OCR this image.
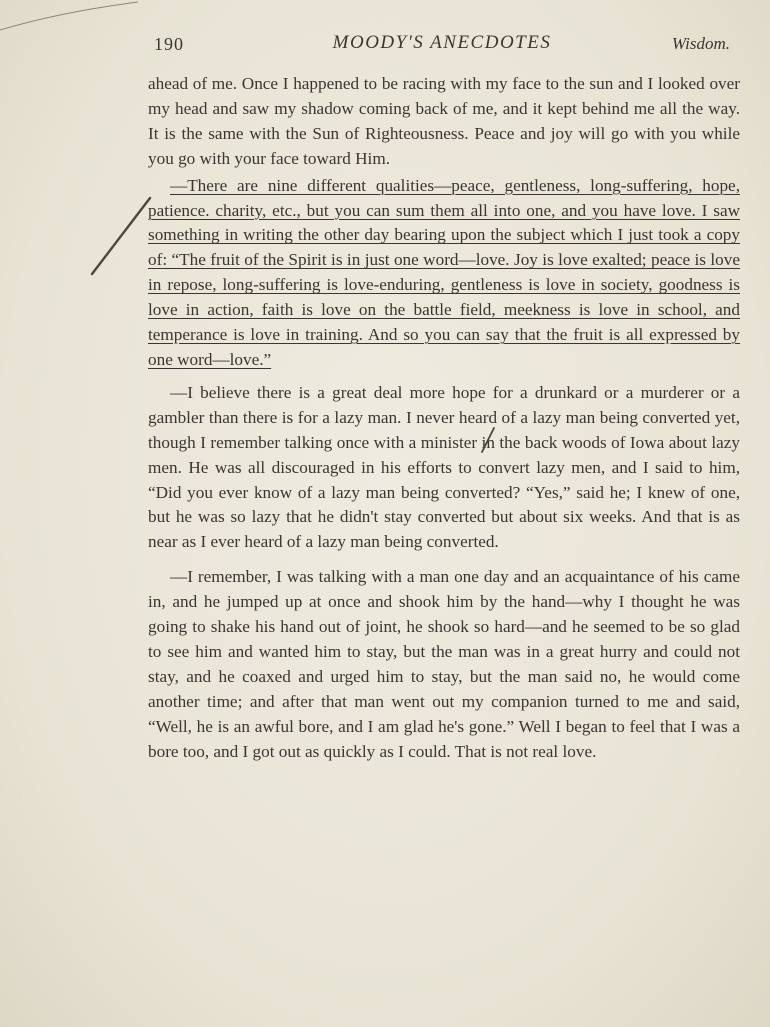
190	MOODY'S ANECDOTES	Wisdom.

ahead of me. Once I happened to be racing with my face to the sun and I looked over my head and saw my shadow coming back of me, and it kept behind me all the way. It is the same with the Sun of Righteousness. Peace and joy will go with you while you go with your face toward Him.

—There are nine different qualities—peace, gentleness, long-suffering, hope, patience. charity, etc., but you can sum them all into one, and you have love. I saw something in writing the other day bearing upon the subject which I just took a copy of: “The fruit of the Spirit is in just one word—love. Joy is love exalted; peace is love in repose, long-suffering is love-enduring, gentleness is love in society, goodness is love in action, faith is love on the battle field, meekness is love in school, and temperance is love in training. And so you can say that the fruit is all expressed by one word—love.”

—I believe there is a great deal more hope for a drunkard or a murderer or a gambler than there is for a lazy man. I never heard of a lazy man being converted yet, though I remember talking once with a minister in the back woods of Iowa about lazy men. He was all discouraged in his efforts to convert lazy men, and I said to him, “Did you ever know of a lazy man being converted? “Yes,” said he; I knew of one, but he was so lazy that he didn't stay converted but about six weeks. And that is as near as I ever heard of a lazy man being converted.

—I remember, I was talking with a man one day and an acquaintance of his came in, and he jumped up at once and shook him by the hand—why I thought he was going to shake his hand out of joint, he shook so hard—and he seemed to be so glad to see him and wanted him to stay, but the man was in a great hurry and could not stay, and he coaxed and urged him to stay, but the man said no, he would come another time; and after that man went out my companion turned to me and said, “Well, he is an awful bore, and I am glad he's gone.” Well I began to feel that I was a bore too, and I got out as quickly as I could. That is not real love.
